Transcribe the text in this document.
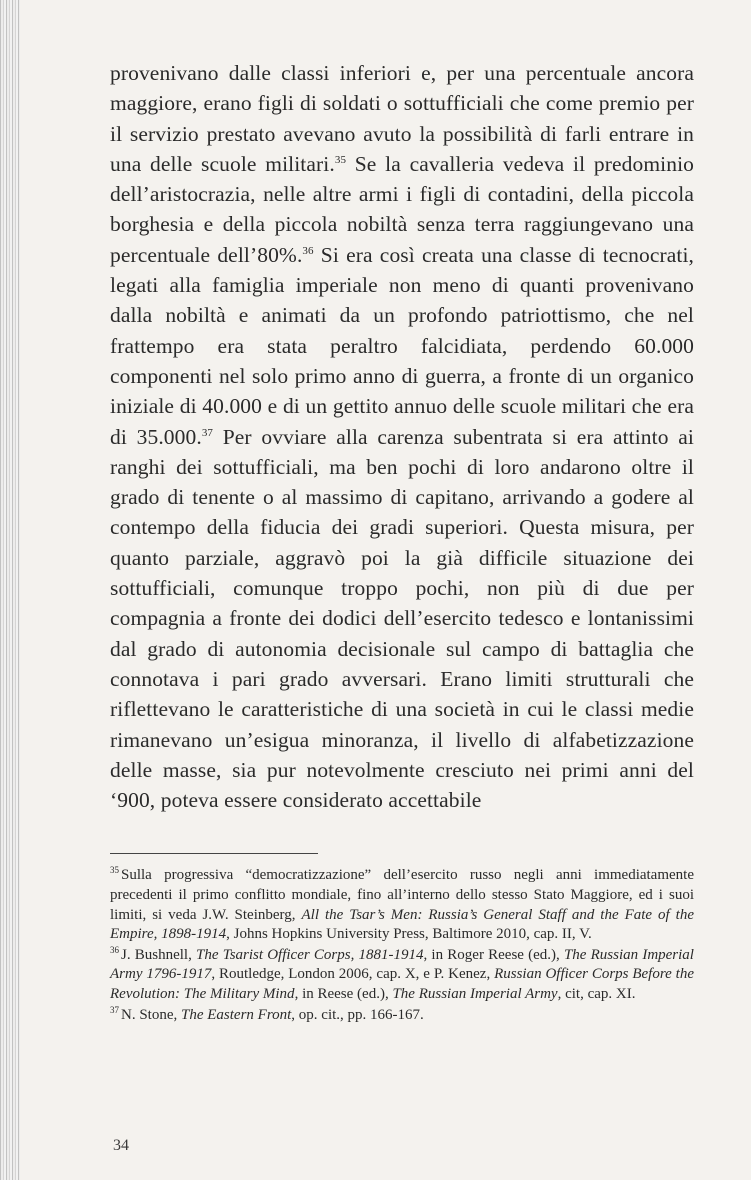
provenivano dalle classi inferiori e, per una percentuale ancora maggiore, erano figli di soldati o sottufficiali che come premio per il servizio prestato avevano avuto la possibilità di farli entrare in una delle scuole militari.$^{35}$ Se la cavalleria vedeva il predominio dell’aristocrazia, nelle altre armi i figli di contadini, della piccola borghesia e della piccola nobiltà senza terra raggiungevano una percentuale dell’80%.$^{36}$ Si era così creata una classe di tecnocrati, legati alla famiglia imperiale non meno di quanti provenivano dalla nobiltà e animati da un profondo patriottismo, che nel frattempo era stata peraltro falcidiata, perdendo 60.000 componenti nel solo primo anno di guerra, a fronte di un organico iniziale di 40.000 e di un gettito annuo delle scuole militari che era di 35.000.37 Per ovviare alla carenza subentrata si era attinto ai ranghi dei sottufficiali, ma ben pochi di loro andarono oltre il grado di tenente o al massimo di capitano, arrivando a godere al contempo della fiducia dei gradi superiori. Questa misura, per quanto parziale, aggravò poi la già difficile situazione dei sottufficiali, comunque troppo pochi, non più di due per compagnia a fronte dei dodici dell’esercito tedesco e lontanissimi dal grado di autonomia decisionale sul campo di battaglia che connotava i pari grado avversari. Erano limiti strutturali che riflettevano le caratteristiche di una società in cui le classi medie rimanevano un’esigua minoranza, il livello di alfabetizzazione delle masse, sia pur notevolmente cresciuto nei primi anni del ‘900, poteva essere considerato accettabile

$^{35}$ Sulla progressiva “democratizzazione” dell’esercito russo negli anni immediatamente precedenti il primo conflitto mondiale, fino all’interno dello stesso Stato Maggiore, ed i suoi limiti, si veda J.W. Steinberg, All the Tsar’s Men: Russia’s General Staff and the Fate of the Empire, 1898-1914, Johns Hopkins University Press, Baltimore 2010, cap. II, V.

$^{36}$ J. Bushnell, The Tsarist Officer Corps, 1881-1914, in Roger Reese (ed.), The Russian Imperial Army 1796-1917, Routledge, London 2006, cap. X, e P. Kenez, Russian Officer Corps Before the Revolution: The Military Mind, in Reese (ed.), The Russian Imperial Army, cit, cap. XI.

$^{37}$ N. Stone, The Eastern Front, op. cit., pp. 166-167.

34
